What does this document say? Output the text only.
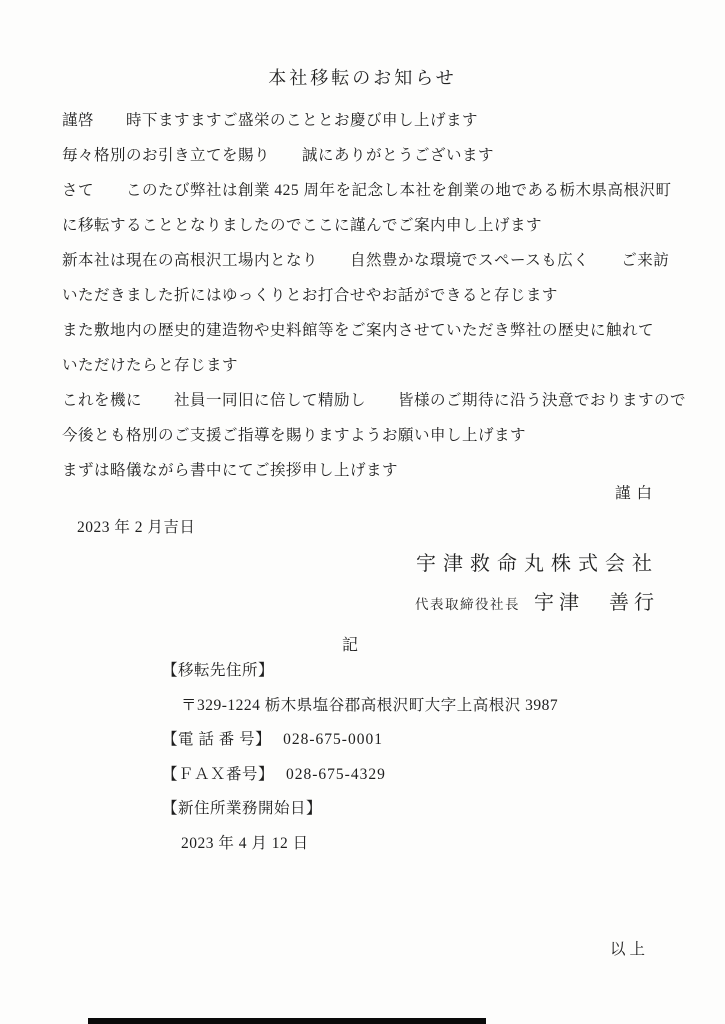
本社移転のお知らせ
謹啓　　時下ますますご盛栄のこととお慶び申し上げます
毎々格別のお引き立てを賜り　　誠にありがとうございます
さて　　このたび弊社は創業 425 周年を記念し本社を創業の地である栃木県高根沢町
に移転することとなりましたのでここに謹んでご案内申し上げます
新本社は現在の高根沢工場内となり　　自然豊かな環境でスペースも広く　　ご来訪
いただきました折にはゆっくりとお打合せやお話ができると存じます
また敷地内の歴史的建造物や史料館等をご案内させていただき弊社の歴史に触れて
いただけたらと存じます
これを機に　　社員一同旧に倍して精励し　　皆様のご期待に沿う決意でおりますので
今後とも格別のご支援ご指導を賜りますようお願い申し上げます
まずは略儀ながら書中にてご挨拶申し上げます
謹白
2023 年 2 月吉日
宇津救命丸株式会社
代表取締役社長 宇津　善行
記
【移転先住所】
〒329-1224 栃木県塩谷郡高根沢町大字上高根沢 3987
【電 話 番 号】 028-675-0001
【ＦＡＸ番号】 028-675-4329
【新住所業務開始日】
2023 年 4 月 12 日
以上
